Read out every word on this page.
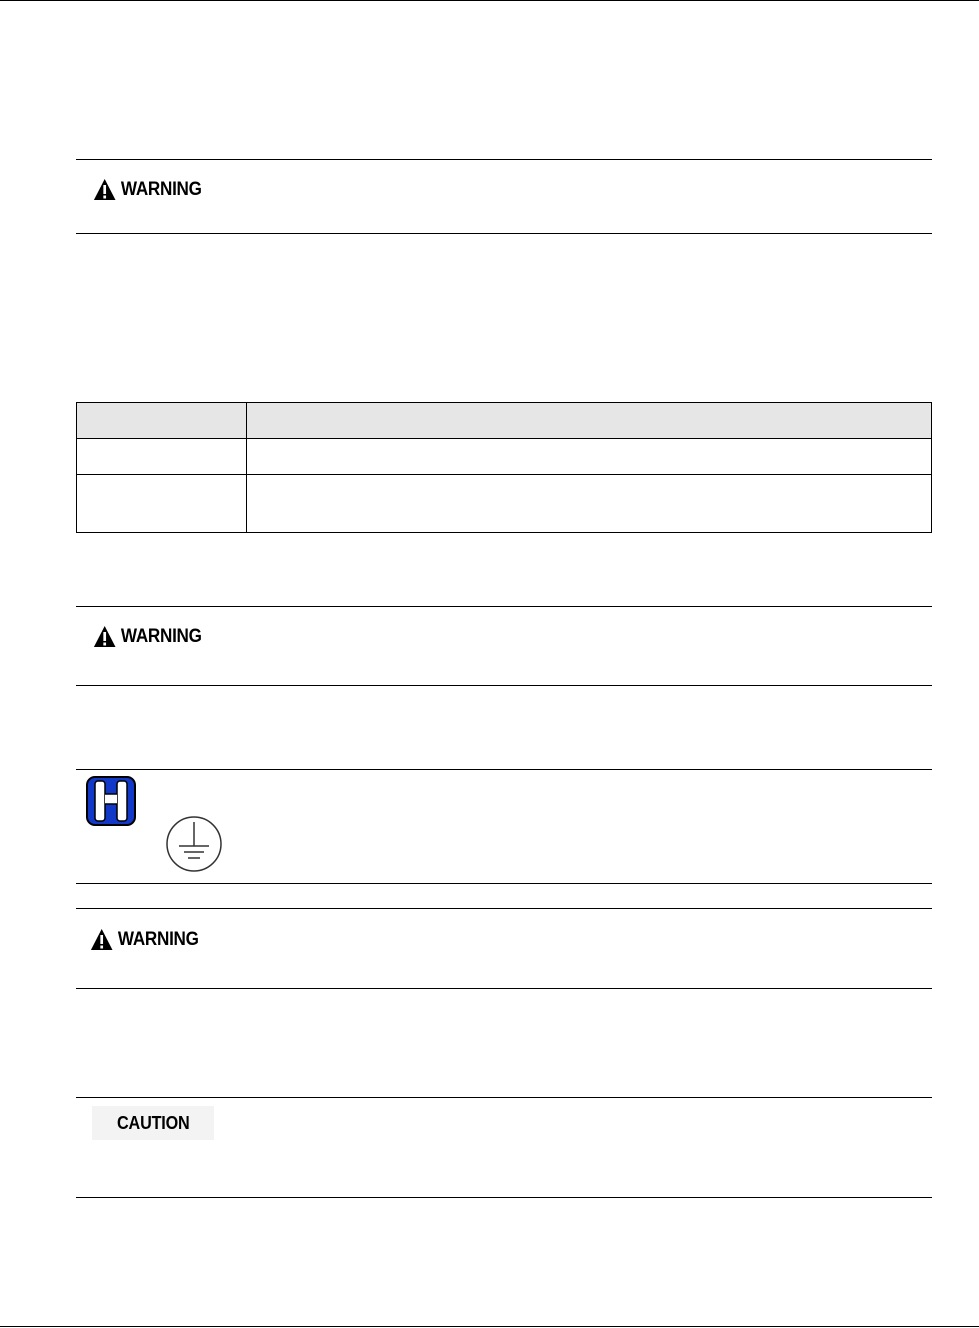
WARNING

WARNING
WARNING
CAUTION
